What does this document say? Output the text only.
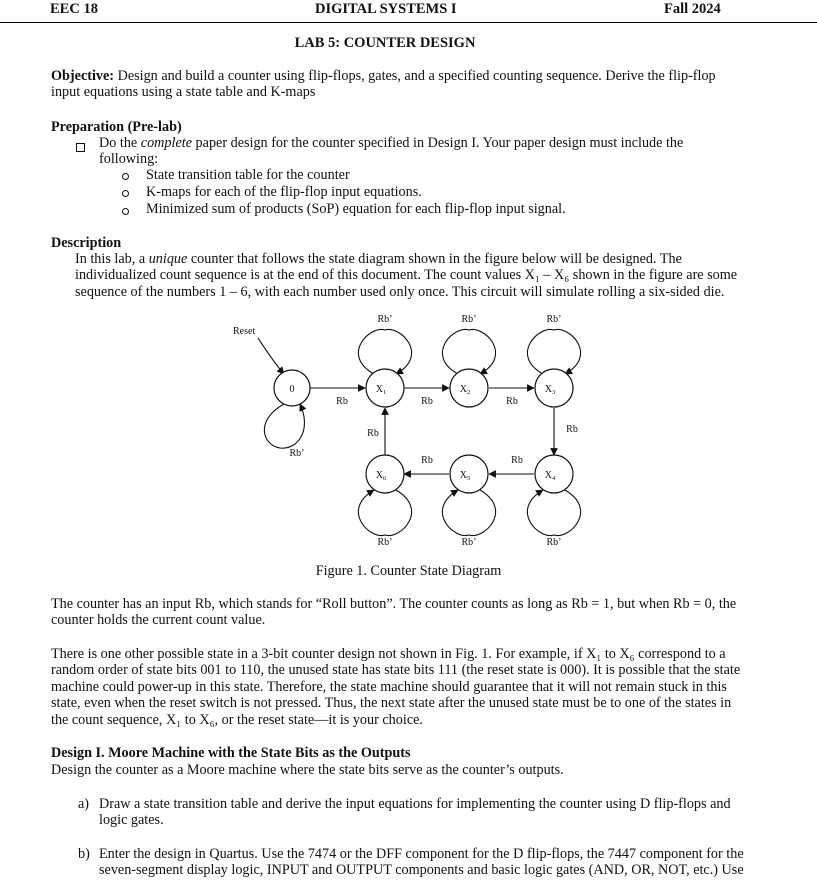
EEC 18	DIGITAL SYSTEMS I	Fall 2024
LAB 5: COUNTER DESIGN
Objective: Design and build a counter using flip-flops, gates, and a specified counting sequence. Derive the flip-flop
input equations using a state table and K-maps
Preparation (Pre-lab)
Do the complete paper design for the counter specified in Design I. Your paper design must include the
following:
State transition table for the counter
K-maps for each of the flip-flop input equations.
Minimized sum of products (SoP) equation for each flip-flop input signal.
Description
In this lab, a unique counter that follows the state diagram shown in the figure below will be designed. The
individualized count sequence is at the end of this document. The count values X₁ – X₆ shown in the figure are some
sequence of the numbers 1 – 6, with each number used only once. This circuit will simulate rolling a six-sided die.
Reset
0	$X_1$	$X_2$	$X_3$
$X_4$
$X_5$
$X_6$
Rb’	Rb’	Rb’
Rb’	Rb’	Rb’
Rb’
Rb	Rb	Rb
Rb
Rb
Rb
Rb
Figure 1. Counter State Diagram
The counter has an input Rb, which stands for “Roll button”. The counter counts as long as Rb = 1, but when Rb = 0, the
counter holds the current count value.
There is one other possible state in a 3-bit counter design not shown in Fig. 1. For example, if X₁ to X₆ correspond to a
random order of state bits 001 to 110, the unused state has state bits 111 (the reset state is 000). It is possible that the state
machine could power-up in this state. Therefore, the state machine should guarantee that it will not remain stuck in this
state, even when the reset switch is not pressed. Thus, the next state after the unused state must be to one of the states in
the count sequence, X₁ to X₆, or the reset state—it is your choice.
Design I. Moore Machine with the State Bits as the Outputs
Design the counter as a Moore machine where the state bits serve as the counter’s outputs.
a) Draw a state transition table and derive the input equations for implementing the counter using D flip-flops and
logic gates.
b) Enter the design in Quartus. Use the 7474 or the DFF component for the D flip-flops, the 7447 component for the
seven-segment display logic, INPUT and OUTPUT components and basic logic gates (AND, OR, NOT, etc.) Use
